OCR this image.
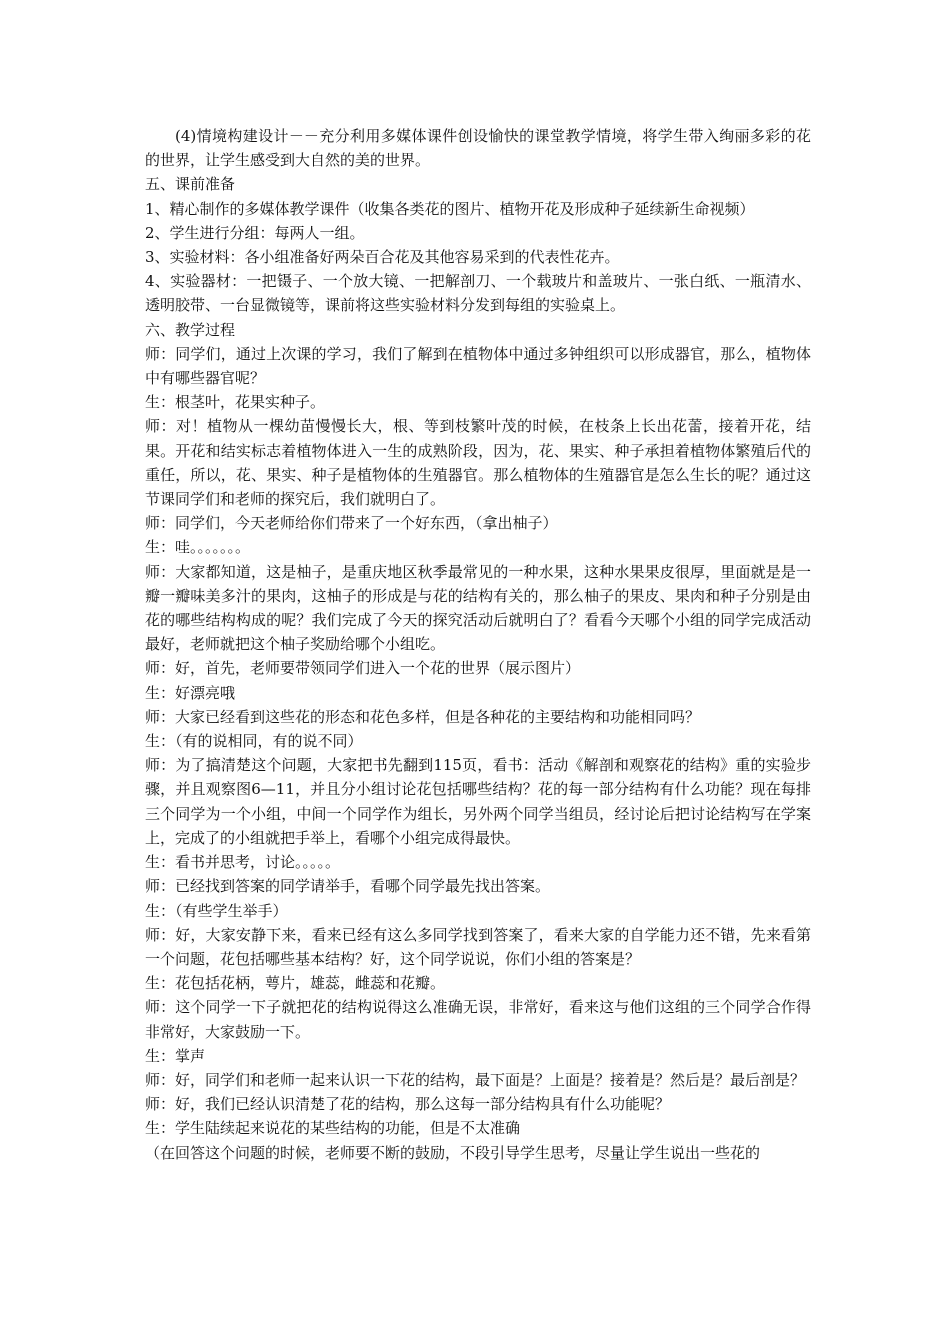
(4)情境构建设计－－充分利用多媒体课件创设愉快的课堂教学情境，将学生带入绚丽多彩的花的世界，让学生感受到大自然的美的世界。

五、课前准备

1、精心制作的多媒体教学课件（收集各类花的图片、植物开花及形成种子延续新生命视频）

2、学生进行分组：每两人一组。

3、实验材料：各小组准备好两朵百合花及其他容易采到的代表性花卉。

4、实验器材：一把镊子、一个放大镜、一把解剖刀、一个载玻片和盖玻片、一张白纸、一瓶清水、透明胶带、一台显微镜等，课前将这些实验材料分发到每组的实验桌上。

六、教学过程

师：同学们，通过上次课的学习，我们了解到在植物体中通过多钟组织可以形成器官，那么，植物体中有哪些器官呢？

生：根茎叶，花果实种子。

师：对！植物从一棵幼苗慢慢长大，根、等到枝繁叶茂的时候，在枝条上长出花蕾，接着开花，结果。开花和结实标志着植物体进入一生的成熟阶段，因为，花、果实、种子承担着植物体繁殖后代的重任，所以，花、果实、种子是植物体的生殖器官。那么植物体的生殖器官是怎么生长的呢？通过这节课同学们和老师的探究后，我们就明白了。

师：同学们，今天老师给你们带来了一个好东西，（拿出柚子）

生：哇。。。。。。。

师：大家都知道，这是柚子，是重庆地区秋季最常见的一种水果，这种水果果皮很厚，里面就是是一瓣一瓣味美多汁的果肉，这柚子的形成是与花的结构有关的，那么柚子的果皮、果肉和种子分别是由花的哪些结构构成的呢？我们完成了今天的探究活动后就明白了？看看今天哪个小组的同学完成活动最好，老师就把这个柚子奖励给哪个小组吃。

师：好，首先，老师要带领同学们进入一个花的世界（展示图片）

生：好漂亮哦

师：大家已经看到这些花的形态和花色多样，但是各种花的主要结构和功能相同吗？

生：（有的说相同，有的说不同）

师：为了搞清楚这个问题，大家把书先翻到115页，看书：活动《解剖和观察花的结构》重的实验步骤，并且观察图6—11，并且分小组讨论花包括哪些结构？花的每一部分结构有什么功能？现在每排三个同学为一个小组，中间一个同学作为组长，另外两个同学当组员，经讨论后把讨论结构写在学案上，完成了的小组就把手举上，看哪个小组完成得最快。

生：看书并思考，讨论。。。。。

师：已经找到答案的同学请举手，看哪个同学最先找出答案。

生：（有些学生举手）

师：好，大家安静下来，看来已经有这么多同学找到答案了，看来大家的自学能力还不错，先来看第一个问题，花包括哪些基本结构？好，这个同学说说，你们小组的答案是？

生：花包括花柄，萼片，雄蕊，雌蕊和花瓣。

师：这个同学一下子就把花的结构说得这么准确无误，非常好，看来这与他们这组的三个同学合作得非常好，大家鼓励一下。

生：掌声

师：好，同学们和老师一起来认识一下花的结构，最下面是？上面是？接着是？然后是？最后剖是？

师：好，我们已经认识清楚了花的结构，那么这每一部分结构具有什么功能呢？

生：学生陆续起来说花的某些结构的功能，但是不太准确

（在回答这个问题的时候，老师要不断的鼓励，不段引导学生思考，尽量让学生说出一些花的
